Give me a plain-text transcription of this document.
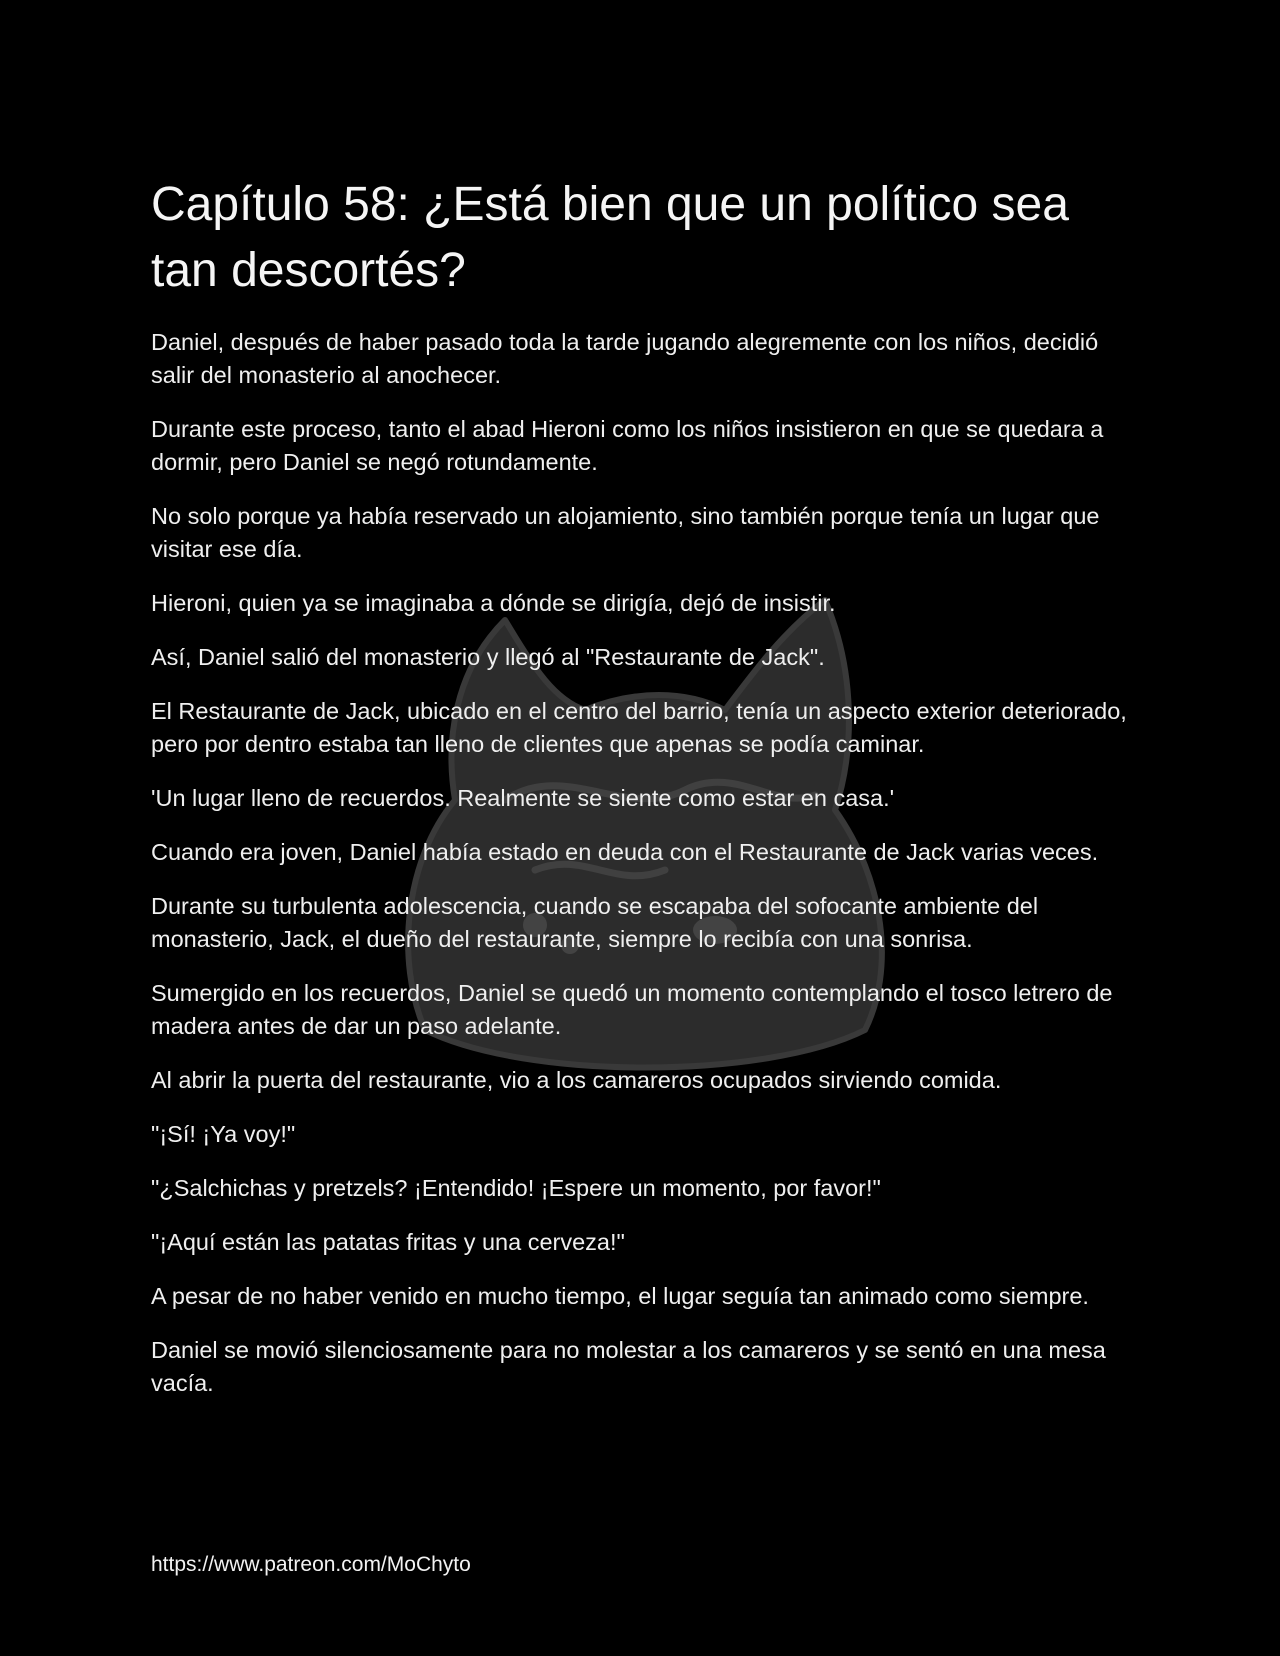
Capítulo 58: ¿Está bien que un político sea tan descortés?

Daniel, después de haber pasado toda la tarde jugando alegremente con los niños, decidió salir del monasterio al anochecer.

Durante este proceso, tanto el abad Hieroni como los niños insistieron en que se quedara a dormir, pero Daniel se negó rotundamente.

No solo porque ya había reservado un alojamiento, sino también porque tenía un lugar que visitar ese día.

Hieroni, quien ya se imaginaba a dónde se dirigía, dejó de insistir.

Así, Daniel salió del monasterio y llegó al "Restaurante de Jack".

El Restaurante de Jack, ubicado en el centro del barrio, tenía un aspecto exterior deteriorado, pero por dentro estaba tan lleno de clientes que apenas se podía caminar.

'Un lugar lleno de recuerdos. Realmente se siente como estar en casa.'

Cuando era joven, Daniel había estado en deuda con el Restaurante de Jack varias veces.

Durante su turbulenta adolescencia, cuando se escapaba del sofocante ambiente del monasterio, Jack, el dueño del restaurante, siempre lo recibía con una sonrisa.

Sumergido en los recuerdos, Daniel se quedó un momento contemplando el tosco letrero de madera antes de dar un paso adelante.

Al abrir la puerta del restaurante, vio a los camareros ocupados sirviendo comida.

"¡Sí! ¡Ya voy!"

"¿Salchichas y pretzels? ¡Entendido! ¡Espere un momento, por favor!"

"¡Aquí están las patatas fritas y una cerveza!"

A pesar de no haber venido en mucho tiempo, el lugar seguía tan animado como siempre.

Daniel se movió silenciosamente para no molestar a los camareros y se sentó en una mesa vacía.

https://www.patreon.com/MoChyto
